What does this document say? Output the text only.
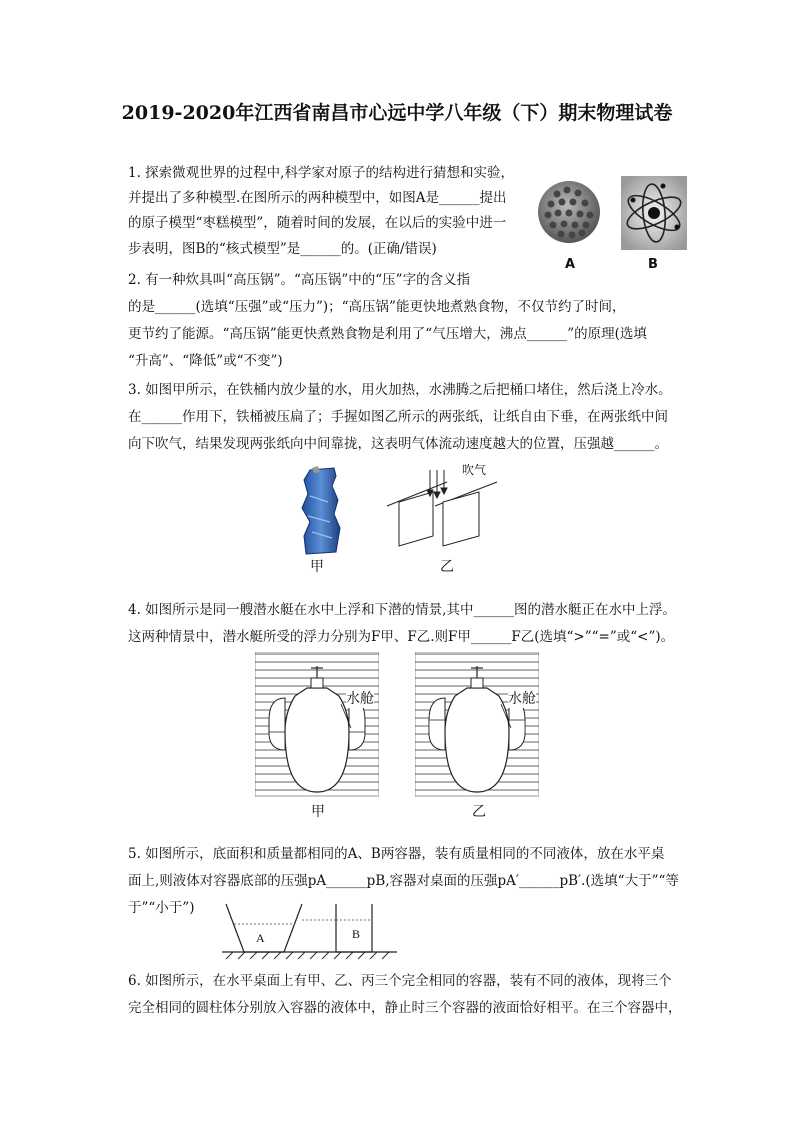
2019-2020年江西省南昌市心远中学八年级（下）期末物理试卷
1. 探索微观世界的过程中,科学家对原子的结构进行猜想和实验，
并提出了多种模型.在图所示的两种模型中，如图A是______提出
的原子模型“枣糕模型”，随着时间的发展，在以后的实验中进一
步表明，图B的“核式模型”是______的。(正确/错误)
A	B
2. 有一种炊具叫“高压锅”。“高压锅”中的“压”字的含义指
的是______(选填“压强”或“压力”)；“高压锅”能更快地煮熟食物，不仅节约了时间，
更节约了能源。“高压锅”能更快煮熟食物是利用了“气压增大，沸点______”的原理(选填
“升高”、“降低”或“不变”)
3. 如图甲所示，在铁桶内放少量的水，用火加热，水沸腾之后把桶口堵住，然后浇上冷水。
在______作用下，铁桶被压扁了；手握如图乙所示的两张纸，让纸自由下垂，在两张纸中间
向下吹气，结果发现两张纸向中间靠拢，这表明气体流动速度越大的位置，压强越______。
吹气
甲	乙
4. 如图所示是同一艘潜水艇在水中上浮和下潜的情景,其中______图的潜水艇正在水中上浮。
这两种情景中，潜水艇所受的浮力分别为F甲、F乙.则F甲______F乙(选填“>”“=”或“<”)。
水舱	水舱
甲	乙
5. 如图所示，底面积和质量都相同的A、B两容器，装有质量相同的不同液体，放在水平桌
面上,则液体对容器底部的压强pA______pB,容器对桌面的压强pA′______pB′.(选填“大于”“等
于”“小于”)
A	B
6. 如图所示，在水平桌面上有甲、乙、丙三个完全相同的容器，装有不同的液体，现将三个
完全相同的圆柱体分别放入容器的液体中，静止时三个容器的液面恰好相平。在三个容器中，
